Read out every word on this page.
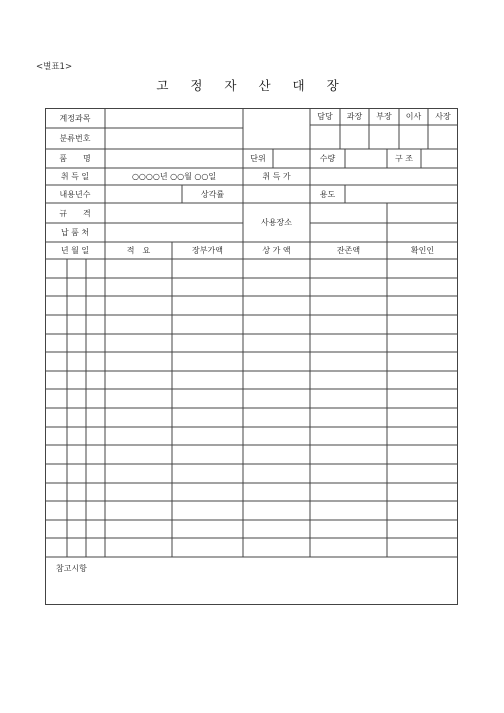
<별표1>
고 정 자 산 대 장
담당	과장	부장	이사	사장
계정과목
분류번호
품　　명	단위	수량	구 조
취 득 일	○○○○년 ○○월 ○○일	취 득 가
내용년수	상각률	용도
규　　격
납 품 처
사용장소
년 월 일	적　요	장부가액	상 가 액	잔존액	확인인
참고시항
